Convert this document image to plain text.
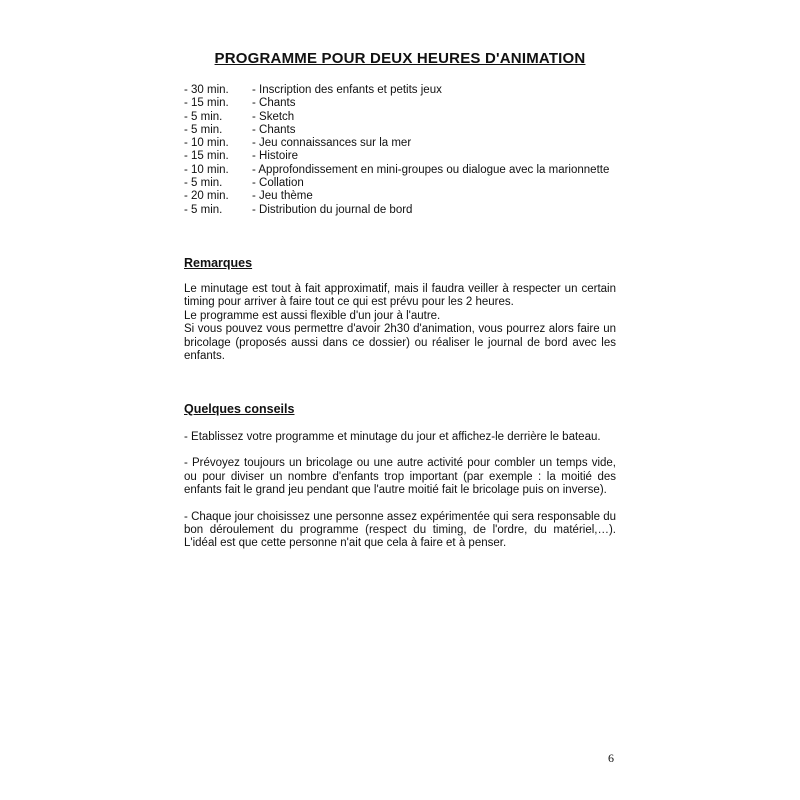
PROGRAMME POUR DEUX HEURES D'ANIMATION
- 30 min.	- Inscription des enfants et petits jeux
- 15 min.	- Chants
- 5 min.	- Sketch
- 5 min.	- Chants
- 10 min.	- Jeu connaissances sur la mer
- 15 min.	- Histoire
- 10 min.	- Approfondissement en mini-groupes ou dialogue avec la marionnette
- 5 min.	- Collation
- 20 min.	- Jeu thème
- 5 min.	- Distribution du journal de bord
Remarques

Le minutage est tout à fait approximatif, mais il faudra veiller à respecter un certain timing pour arriver à faire tout ce qui est prévu pour les 2 heures.

Le programme est aussi flexible d'un jour à l'autre.

Si vous pouvez vous permettre d'avoir 2h30 d'animation, vous pourrez alors faire un bricolage (proposés aussi dans ce dossier) ou réaliser le journal de bord avec les enfants.

Quelques conseils

- Etablissez votre programme et minutage du jour et affichez-le derrière le bateau.

- Prévoyez toujours un bricolage ou une autre activité pour combler un temps vide, ou pour diviser un nombre d'enfants trop important (par exemple : la moitié des enfants fait le grand jeu pendant que l'autre moitié fait le bricolage puis on inverse).

- Chaque jour choisissez une personne assez expérimentée qui sera responsable du bon déroulement du programme (respect du timing, de l'ordre, du matériel,…). L'idéal est que cette personne n'ait que cela à faire et à penser.

6
